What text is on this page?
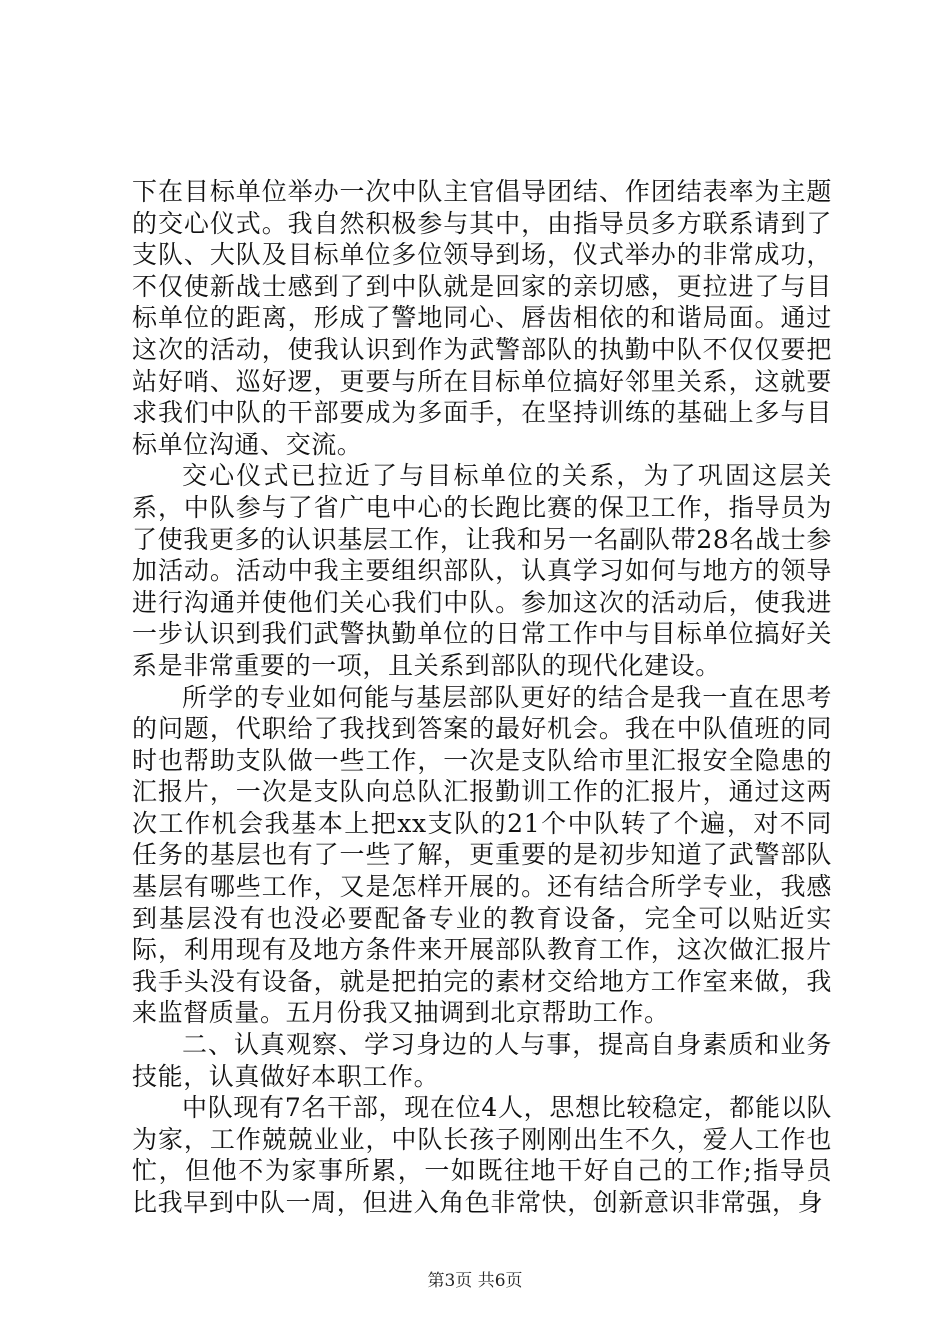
下在目标单位举办一次中队主官倡导团结、作团结表率为主题的交心仪式。我自然积极参与其中，由指导员多方联系请到了支队、大队及目标单位多位领导到场，仪式举办的非常成功，不仅使新战士感到了到中队就是回家的亲切感，更拉进了与目标单位的距离，形成了警地同心、唇齿相依的和谐局面。通过这次的活动，使我认识到作为武警部队的执勤中队不仅仅要把站好哨、巡好逻，更要与所在目标单位搞好邻里关系，这就要求我们中队的干部要成为多面手，在坚持训练的基础上多与目标单位沟通、交流。

交心仪式已拉近了与目标单位的关系，为了巩固这层关系，中队参与了省广电中心的长跑比赛的保卫工作，指导员为了使我更多的认识基层工作，让我和另一名副队带28名战士参加活动。活动中我主要组织部队，认真学习如何与地方的领导进行沟通并使他们关心我们中队。参加这次的活动后，使我进一步认识到我们武警执勤单位的日常工作中与目标单位搞好关系是非常重要的一项，且关系到部队的现代化建设。

所学的专业如何能与基层部队更好的结合是我一直在思考的问题，代职给了我找到答案的最好机会。我在中队值班的同时也帮助支队做一些工作，一次是支队给市里汇报安全隐患的汇报片，一次是支队向总队汇报勤训工作的汇报片，通过这两次工作机会我基本上把xx支队的21个中队转了个遍，对不同任务的基层也有了一些了解，更重要的是初步知道了武警部队基层有哪些工作，又是怎样开展的。还有结合所学专业，我感到基层没有也没必要配备专业的教育设备，完全可以贴近实际，利用现有及地方条件来开展部队教育工作，这次做汇报片我手头没有设备，就是把拍完的素材交给地方工作室来做，我来监督质量。五月份我又抽调到北京帮助工作。

二、认真观察、学习身边的人与事，提高自身素质和业务技能，认真做好本职工作。

中队现有7名干部，现在位4人，思想比较稳定，都能以队为家，工作兢兢业业，中队长孩子刚刚出生不久，爱人工作也忙，但他不为家事所累，一如既往地干好自己的工作;指导员比我早到中队一周，但进入角色非常快，创新意识非常强，身

第3页 共6页
